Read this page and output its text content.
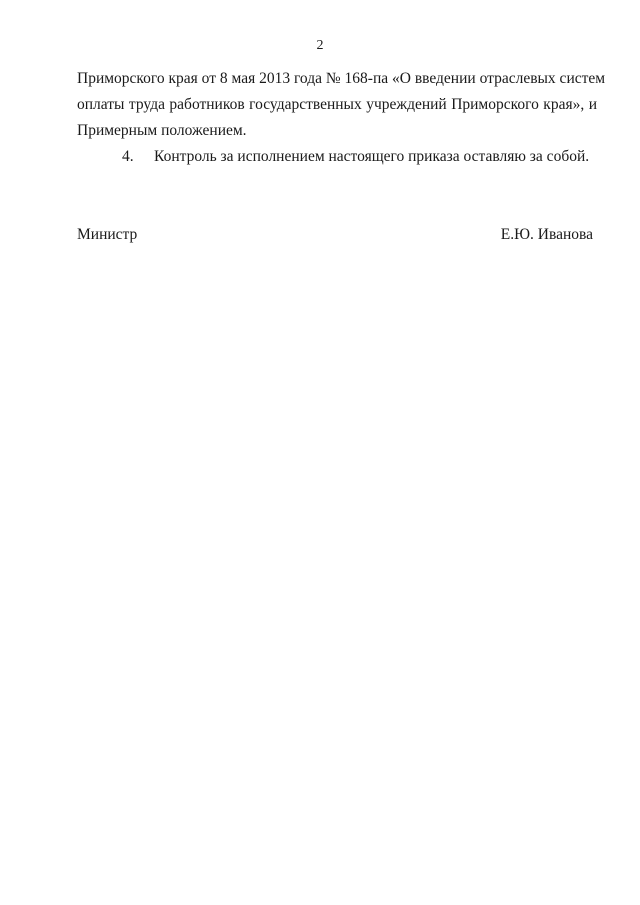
2

Приморского края от 8 мая 2013 года № 168-па «О введении отраслевых систем
оплаты труда работников государственных учреждений Приморского края», и
Примерным положением.

4. Контроль за исполнением настоящего приказа оставляю за собой.
Министр	Е.Ю. Иванова
